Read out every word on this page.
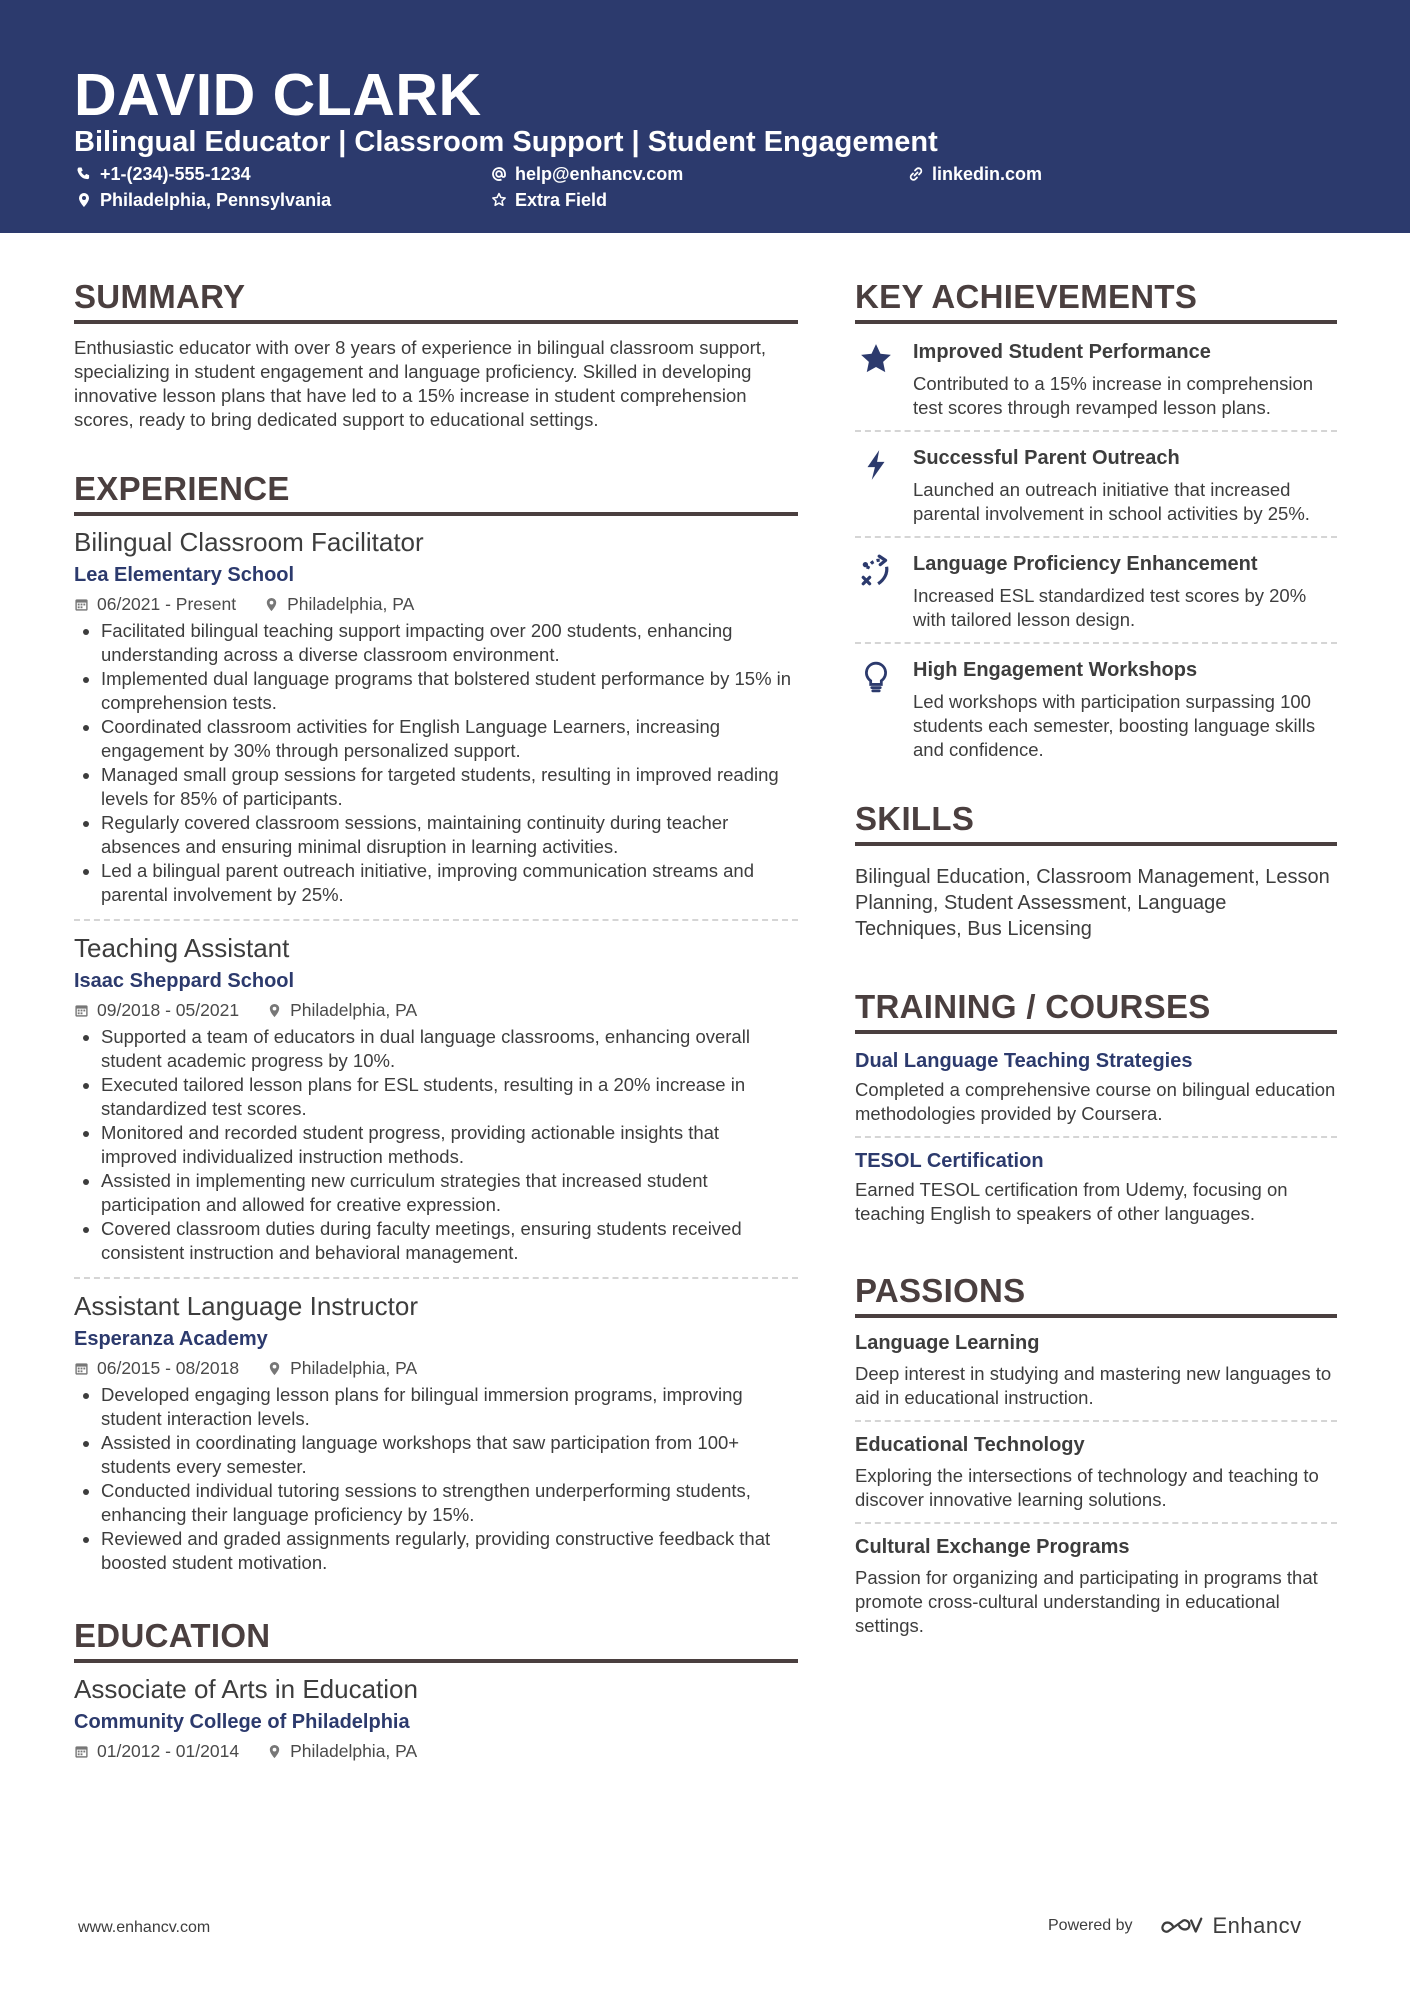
DAVID CLARK
Bilingual Educator | Classroom Support | Student Engagement
+1-(234)-555-1234	help@enhancv.com	linkedin.com
Philadelphia, Pennsylvania	Extra Field
SUMMARY
Enthusiastic educator with over 8 years of experience in bilingual classroom support, specializing in student engagement and language proficiency. Skilled in developing innovative lesson plans that have led to a 15% increase in student comprehension scores, ready to bring dedicated support to educational settings.
EXPERIENCE
Bilingual Classroom Facilitator
Lea Elementary School
06/2021 - Present	Philadelphia, PA
Facilitated bilingual teaching support impacting over 200 students, enhancing understanding across a diverse classroom environment.
Implemented dual language programs that bolstered student performance by 15% in comprehension tests.
Coordinated classroom activities for English Language Learners, increasing engagement by 30% through personalized support.
Managed small group sessions for targeted students, resulting in improved reading levels for 85% of participants.
Regularly covered classroom sessions, maintaining continuity during teacher absences and ensuring minimal disruption in learning activities.
Led a bilingual parent outreach initiative, improving communication streams and parental involvement by 25%.
Teaching Assistant
Isaac Sheppard School
09/2018 - 05/2021	Philadelphia, PA
Supported a team of educators in dual language classrooms, enhancing overall student academic progress by 10%.
Executed tailored lesson plans for ESL students, resulting in a 20% increase in standardized test scores.
Monitored and recorded student progress, providing actionable insights that improved individualized instruction methods.
Assisted in implementing new curriculum strategies that increased student participation and allowed for creative expression.
Covered classroom duties during faculty meetings, ensuring students received consistent instruction and behavioral management.
Assistant Language Instructor
Esperanza Academy
06/2015 - 08/2018	Philadelphia, PA
Developed engaging lesson plans for bilingual immersion programs, improving student interaction levels.
Assisted in coordinating language workshops that saw participation from 100+ students every semester.
Conducted individual tutoring sessions to strengthen underperforming students, enhancing their language proficiency by 15%.
Reviewed and graded assignments regularly, providing constructive feedback that boosted student motivation.
EDUCATION
Associate of Arts in Education
Community College of Philadelphia
01/2012 - 01/2014	Philadelphia, PA
KEY ACHIEVEMENTS
Improved Student Performance
Contributed to a 15% increase in comprehension test scores through revamped lesson plans.
Successful Parent Outreach
Launched an outreach initiative that increased parental involvement in school activities by 25%.
Language Proficiency Enhancement
Increased ESL standardized test scores by 20% with tailored lesson design.
High Engagement Workshops
Led workshops with participation surpassing 100 students each semester, boosting language skills and confidence.
SKILLS
Bilingual Education, Classroom Management, Lesson Planning, Student Assessment, Language Techniques, Bus Licensing
TRAINING / COURSES
Dual Language Teaching Strategies
Completed a comprehensive course on bilingual education methodologies provided by Coursera.
TESOL Certification
Earned TESOL certification from Udemy, focusing on teaching English to speakers of other languages.
PASSIONS
Language Learning
Deep interest in studying and mastering new languages to aid in educational instruction.
Educational Technology
Exploring the intersections of technology and teaching to discover innovative learning solutions.
Cultural Exchange Programs
Passion for organizing and participating in programs that promote cross-cultural understanding in educational settings.
www.enhancv.com	Powered by	Enhancv
